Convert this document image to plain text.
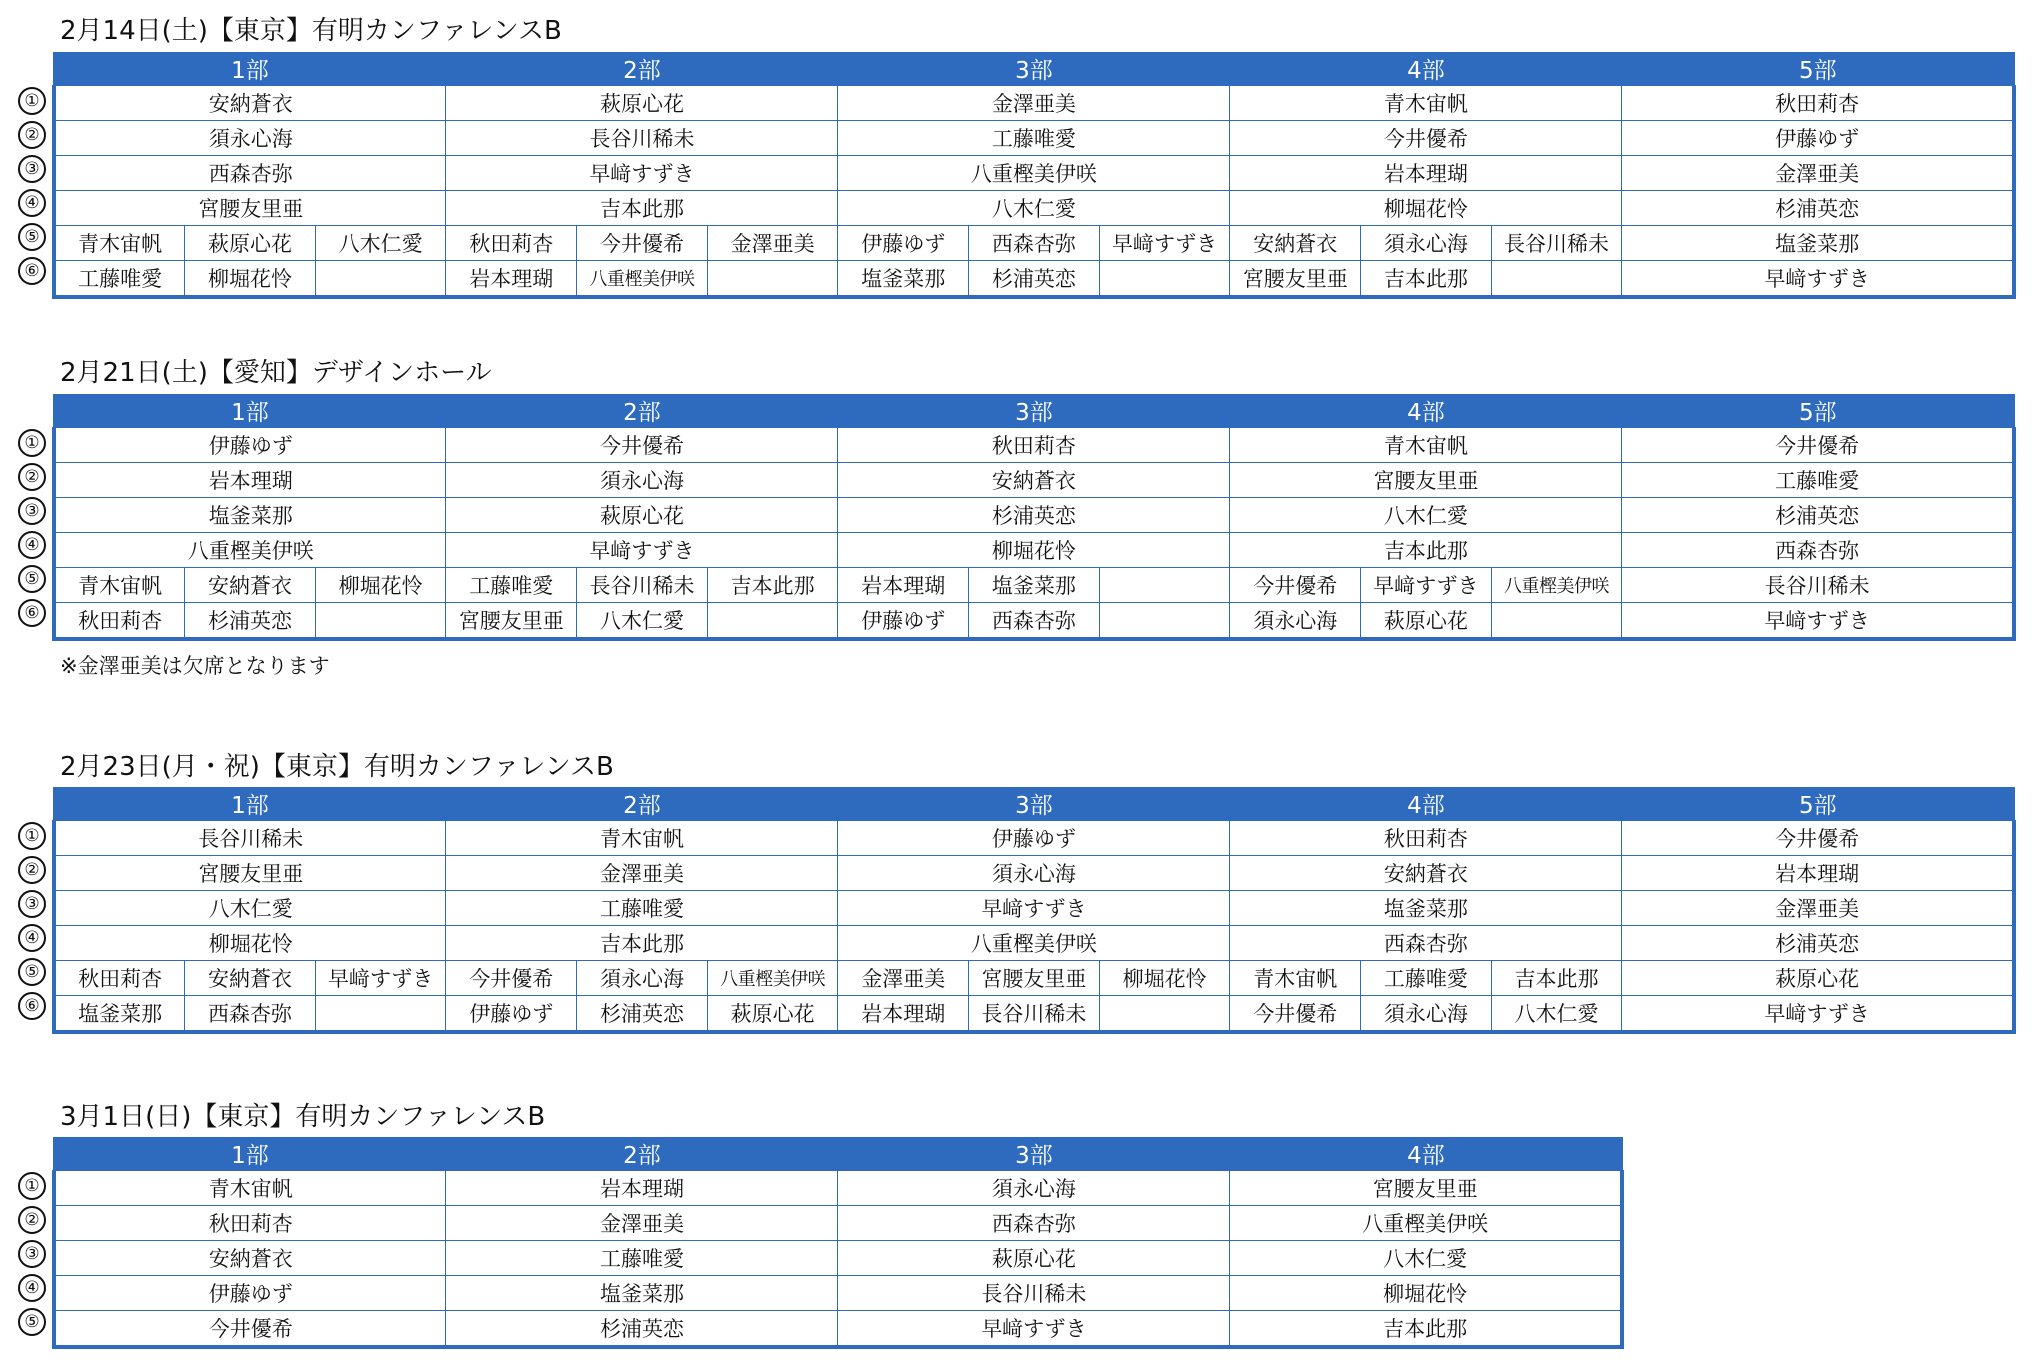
2月14日(土)【東京】有明カンファレンスB
①
②
③
④
⑤
⑥
1部			2部			3部			4部			5部
安納蒼衣			萩原心花			金澤亜美			青木宙帆			秋田莉杏
須永心海			長谷川稀未			工藤唯愛			今井優希			伊藤ゆず
西森杏弥			早﨑すずき			八重樫美伊咲			岩本理瑚			金澤亜美
宮腰友里亜			吉本此那			八木仁愛			柳堀花怜			杉浦英恋
青木宙帆	萩原心花	八木仁愛	秋田莉杏	今井優希	金澤亜美	伊藤ゆず	西森杏弥	早﨑すずき	安納蒼衣	須永心海	長谷川稀未	塩釜菜那
工藤唯愛	柳堀花怜		岩本理瑚	八重樫美伊咲		塩釜菜那	杉浦英恋		宮腰友里亜	吉本此那		早﨑すずき
2月21日(土)【愛知】デザインホール
①
②
③
④
⑤
⑥
1部			2部			3部			4部			5部
伊藤ゆず			今井優希			秋田莉杏			青木宙帆			今井優希
岩本理瑚			須永心海			安納蒼衣			宮腰友里亜			工藤唯愛
塩釜菜那			萩原心花			杉浦英恋			八木仁愛			杉浦英恋
八重樫美伊咲			早﨑すずき			柳堀花怜			吉本此那			西森杏弥
青木宙帆	安納蒼衣	柳堀花怜	工藤唯愛	長谷川稀未	吉本此那	岩本理瑚	塩釜菜那		今井優希	早﨑すずき	八重樫美伊咲	長谷川稀未
秋田莉杏	杉浦英恋		宮腰友里亜	八木仁愛		伊藤ゆず	西森杏弥		須永心海	萩原心花		早﨑すずき
※金澤亜美は欠席となります
2月23日(月・祝)【東京】有明カンファレンスB
①
②
③
④
⑤
⑥
1部			2部			3部			4部			5部
長谷川稀未			青木宙帆			伊藤ゆず			秋田莉杏			今井優希
宮腰友里亜			金澤亜美			須永心海			安納蒼衣			岩本理瑚
八木仁愛			工藤唯愛			早﨑すずき			塩釜菜那			金澤亜美
柳堀花怜			吉本此那			八重樫美伊咲			西森杏弥			杉浦英恋
秋田莉杏	安納蒼衣	早﨑すずき	今井優希	須永心海	八重樫美伊咲	金澤亜美	宮腰友里亜	柳堀花怜	青木宙帆	工藤唯愛	吉本此那	萩原心花
塩釜菜那	西森杏弥		伊藤ゆず	杉浦英恋	萩原心花	岩本理瑚	長谷川稀未		今井優希	須永心海	八木仁愛	早﨑すずき
3月1日(日)【東京】有明カンファレンスB
①
②
③
④
⑤
1部	2部	3部	4部
青木宙帆	岩本理瑚	須永心海	宮腰友里亜
秋田莉杏	金澤亜美	西森杏弥	八重樫美伊咲
安納蒼衣	工藤唯愛	萩原心花	八木仁愛
伊藤ゆず	塩釜菜那	長谷川稀未	柳堀花怜
今井優希	杉浦英恋	早﨑すずき	吉本此那
